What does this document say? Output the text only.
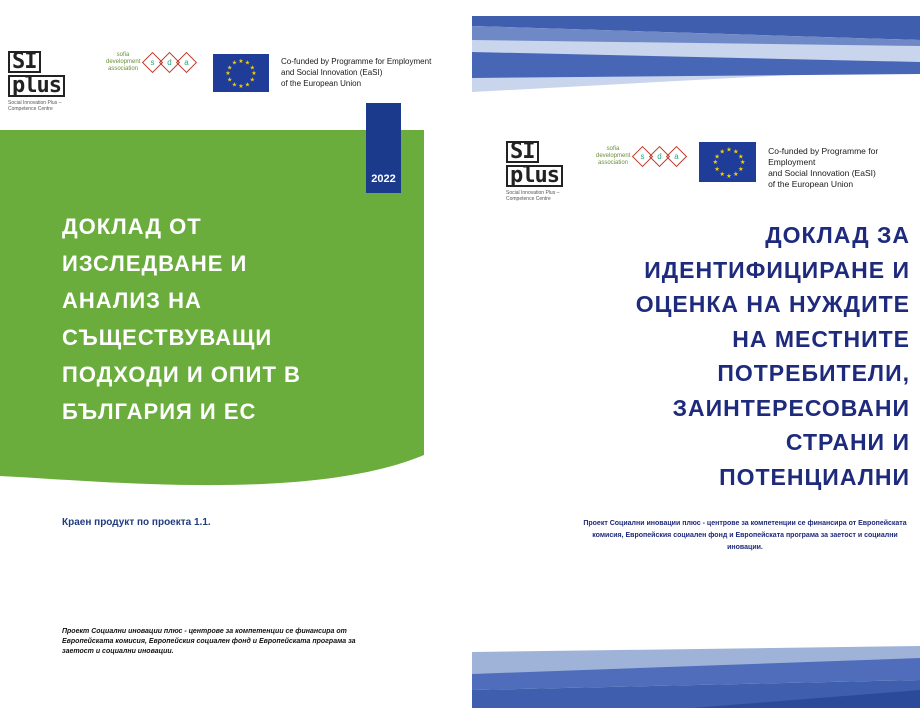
SIplus
Social Innovation Plus – Competence Centre
sofia development association
s	d	a	★ ★
★
★
★
★
★
★
★
★
★
★	Co-funded by Programme for Employment
and Social Innovation (EaSI)
of the European Union
2022
ДОКЛАД ОТ
ИЗСЛЕДВАНЕ И
АНАЛИЗ НА
СЪЩЕСТВУВАЩИ
ПОДХОДИ И ОПИТ В
БЪЛГАРИЯ И ЕС
Краен продукт по проекта 1.1.
Проект Социални иновации плюс - центрове за компетенции се финансира от Европейската комисия, Европейския социален фонд и Европейската програма за заетост и социални иновации.
SIplus
Social Innovation Plus – Competence Centre
sofia development association
s	d	a
★ ★
★
★
★
★
★
★
★
★
★
★	Co-funded by Programme for Employment
and Social Innovation (EaSI)
of the European Union
ДОКЛАД ЗА
ИДЕНТИФИЦИРАНЕ И
ОЦЕНКА НА НУЖДИТЕ
НА МЕСТНИТЕ
ПОТРЕБИТЕЛИ,
ЗАИНТЕРЕСОВАНИ
СТРАНИ И
ПОТЕНЦИАЛНИ
Проект Социални иновации плюс - центрове за компетенции се финансира от Европейската комисия, Европейския социален фонд и Европейската програма за заетост и социални иновации.
